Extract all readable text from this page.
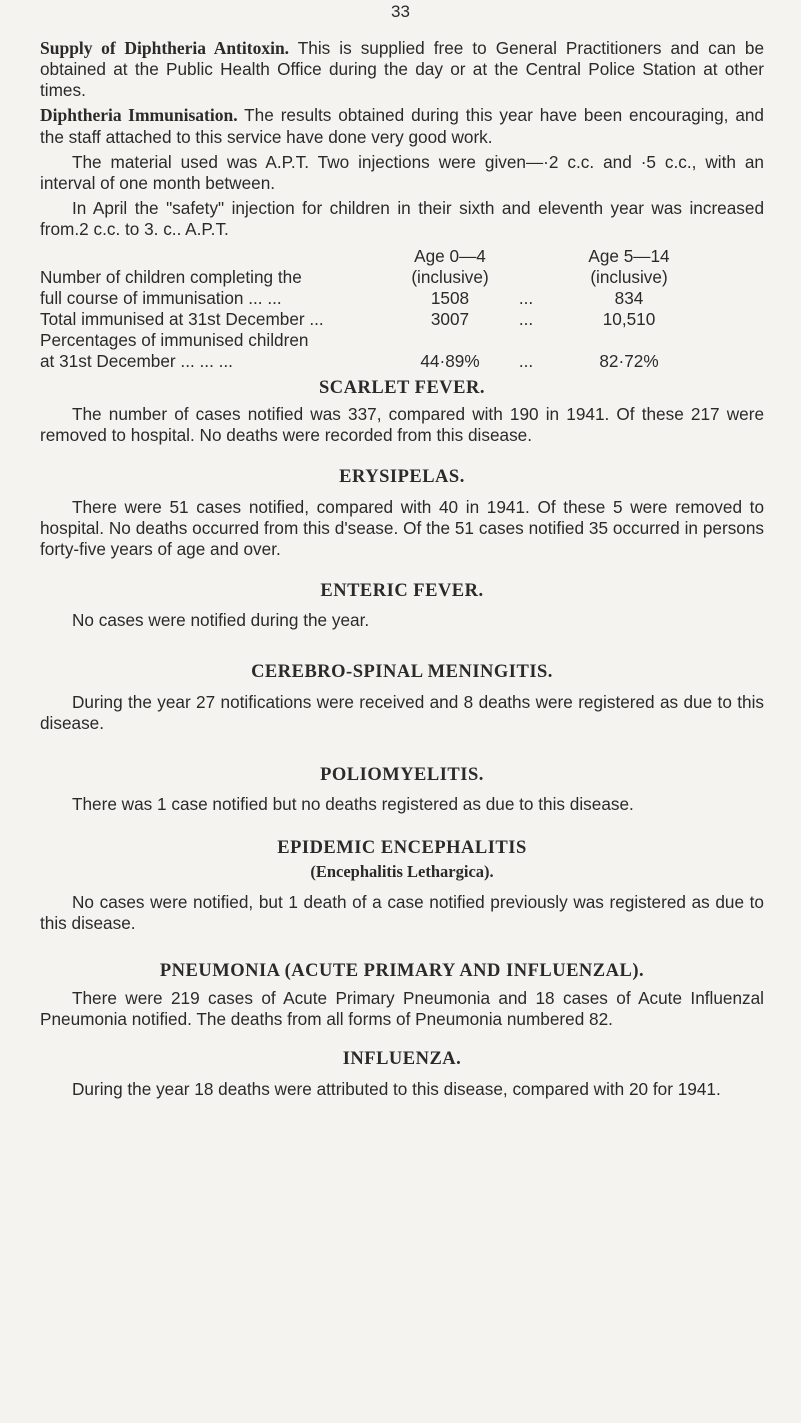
33

Supply of Diphtheria Antitoxin. This is supplied free to General Practitioners and can be obtained at the Public Health Office during the day or at the Central Police Station at other times.

Diphtheria Immunisation. The results obtained during this year have been encouraging, and the staff attached to this service have done very good work.

The material used was A.P.T. Two injections were given—·2 c.c. and ·5 c.c., with an interval of one month between.

In April the "safety" injection for children in their sixth and eleventh year was increased from.2 c.c. to 3. c.. A.P.T.

Age 0—4	Age 5—14
Number of children completing the	(inclusive)	(inclusive)
full course of immunisation ... ...	1508	...	834
Total immunised at 31st December ...	3007	...	10,510
Percentages of immunised children
at 31st December ... ... ...	44·89%	...	82·72%
SCARLET FEVER.

The number of cases notified was 337, compared with 190 in 1941. Of these 217 were removed to hospital. No deaths were recorded from this disease.

ERYSIPELAS.

There were 51 cases notified, compared with 40 in 1941. Of these 5 were removed to hospital. No deaths occurred from this d'sease. Of the 51 cases notified 35 occurred in persons forty-five years of age and over.

ENTERIC FEVER.

No cases were notified during the year.

CEREBRO-SPINAL MENINGITIS.

During the year 27 notifications were received and 8 deaths were registered as due to this disease.

POLIOMYELITIS.

There was 1 case notified but no deaths registered as due to this disease.

EPIDEMIC ENCEPHALITIS
(Encephalitis Lethargica).

No cases were notified, but 1 death of a case notified previously was registered as due to this disease.

PNEUMONIA (ACUTE PRIMARY AND INFLUENZAL).

There were 219 cases of Acute Primary Pneumonia and 18 cases of Acute Influenzal Pneumonia notified. The deaths from all forms of Pneumonia numbered 82.

INFLUENZA.

During the year 18 deaths were attributed to this disease, compared with 20 for 1941.
